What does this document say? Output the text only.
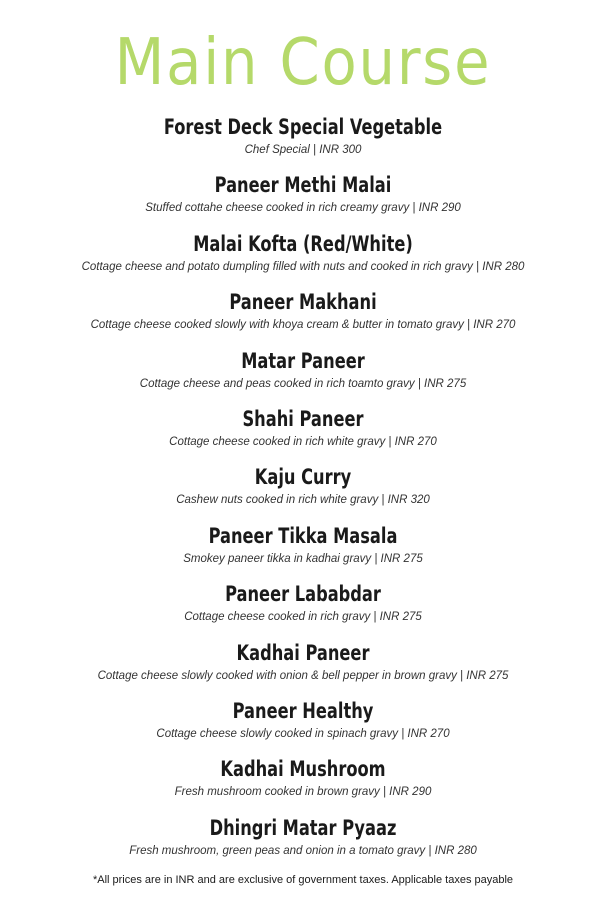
Main Course
Forest Deck Special Vegetable
Chef Special | INR 300
Paneer Methi Malai
Stuffed cottahe cheese cooked in rich creamy gravy | INR 290
Malai Kofta (Red/White)
Cottage cheese and potato dumpling filled with nuts and cooked in rich gravy | INR 280
Paneer Makhani
Cottage cheese cooked slowly with khoya cream & butter in tomato gravy | INR 270
Matar Paneer
Cottage cheese and peas cooked in rich toamto gravy | INR 275
Shahi Paneer
Cottage cheese cooked in rich white gravy | INR 270
Kaju Curry
Cashew nuts cooked in rich white gravy | INR 320
Paneer Tikka Masala
Smokey paneer tikka in kadhai gravy | INR 275
Paneer Lababdar
Cottage cheese cooked in rich gravy | INR 275
Kadhai Paneer
Cottage cheese slowly cooked with onion & bell pepper in brown gravy | INR 275
Paneer Healthy
Cottage cheese slowly cooked in spinach gravy | INR 270
Kadhai Mushroom
Fresh mushroom cooked in brown gravy | INR 290
Dhingri Matar Pyaaz
Fresh mushroom, green peas and onion in a tomato gravy | INR 280
*All prices are in INR and are exclusive of government taxes. Applicable taxes payable
